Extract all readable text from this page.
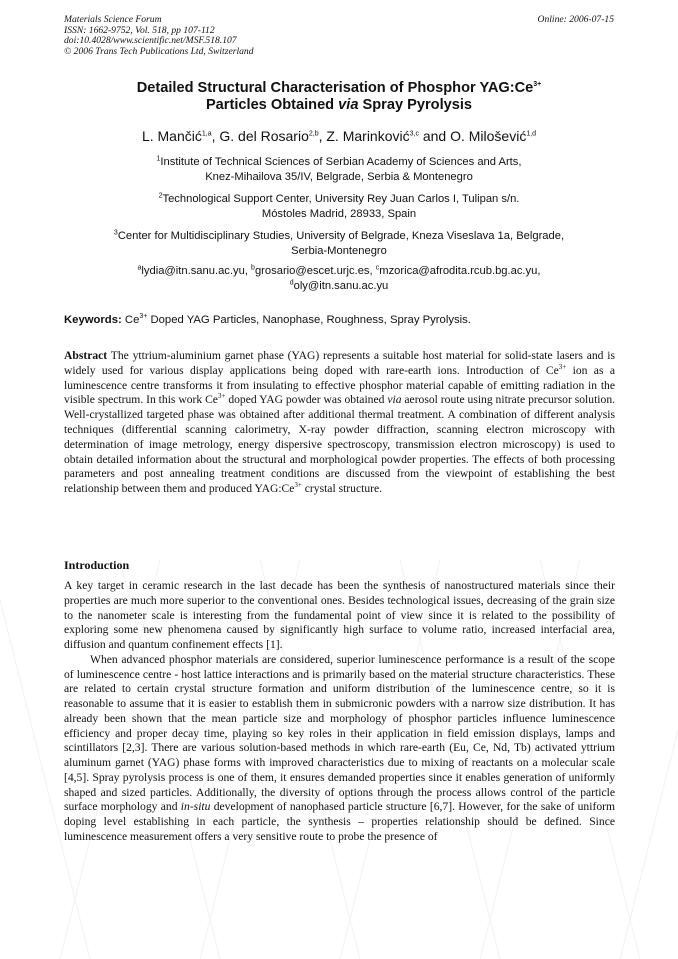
Materials Science Forum
ISSN: 1662-9752, Vol. 518, pp 107-112
doi:10.4028/www.scientific.net/MSF.518.107
© 2006 Trans Tech Publications Ltd, Switzerland
Online: 2006-07-15
Detailed Structural Characterisation of Phosphor $YAG:Ce^{3+}$
Particles Obtained via Spray Pyrolysis
L. Mančić$^{1,a}$, G. del Rosario$^{2,b}$, Z. Marinković$^{3,c}$ and O. Milošević$^{1,d}$
$^1$Institute of Technical Sciences of Serbian Academy of Sciences and Arts,
Knez-Mihailova 35/IV, Belgrade, Serbia & Montenegro
$^2$Technological Support Center, University Rey Juan Carlos I, Tulipan s/n.
Móstoles Madrid, 28933, Spain
$^3$Center for Multidisciplinary Studies, University of Belgrade, Kneza Viseslava 1a, Belgrade,
Serbia-Montenegro
$^a$lydia@itn.sanu.ac.yu, $^b$grosario@escet.urjc.es, $^c$mzorica@afrodita.rcub.bg.ac.yu,
$^d$oly@itn.sanu.ac.yu
Keywords: $Ce^{3+}$ Doped YAG Particles, Nanophase, Roughness, Spray Pyrolysis.
Abstract The yttrium-aluminium garnet phase (YAG) represents a suitable host material for solid-state lasers and is widely used for various display applications being doped with rare-earth ions. Introduction of $Ce^{3+}$ ion as a luminescence centre transforms it from insulating to effective phosphor material capable of emitting radiation in the visible spectrum. In this work $Ce^{3+}$ doped YAG powder was obtained via aerosol route using nitrate precursor solution. Well-crystallized targeted phase was obtained after additional thermal treatment. A combination of different analysis techniques (differential scanning calorimetry, X-ray powder diffraction, scanning electron microscopy with determination of image metrology, energy dispersive spectroscopy, transmission electron microscopy) is used to obtain detailed information about the structural and morphological powder properties. The effects of both processing parameters and post annealing treatment conditions are discussed from the viewpoint of establishing the best relationship between them and produced $YAG:Ce^{3+}$ crystal structure.
Introduction

A key target in ceramic research in the last decade has been the synthesis of nanostructured materials since their properties are much more superior to the conventional ones. Besides technological issues, decreasing of the grain size to the nanometer scale is interesting from the fundamental point of view since it is related to the possibility of exploring some new phenomena caused by significantly high surface to volume ratio, increased interfacial area, diffusion and quantum confinement effects [1].

When advanced phosphor materials are considered, superior luminescence performance is a result of the scope of luminescence centre - host lattice interactions and is primarily based on the material structure characteristics. These are related to certain crystal structure formation and uniform distribution of the luminescence centre, so it is reasonable to assume that it is easier to establish them in submicronic powders with a narrow size distribution. It has already been shown that the mean particle size and morphology of phosphor particles influence luminescence efficiency and proper decay time, playing so key roles in their application in field emission displays, lamps and scintillators [2,3]. There are various solution-based methods in which rare-earth (Eu, Ce, Nd, Tb) activated yttrium aluminum garnet (YAG) phase forms with improved characteristics due to mixing of reactants on a molecular scale [4,5]. Spray pyrolysis process is one of them, it ensures demanded properties since it enables generation of uniformly shaped and sized particles. Additionally, the diversity of options through the process allows control of the particle surface morphology and in-situ development of nanophased particle structure [6,7]. However, for the sake of uniform doping level establishing in each particle, the synthesis – properties relationship should be defined. Since luminescence measurement offers a very sensitive route to probe the presence of
